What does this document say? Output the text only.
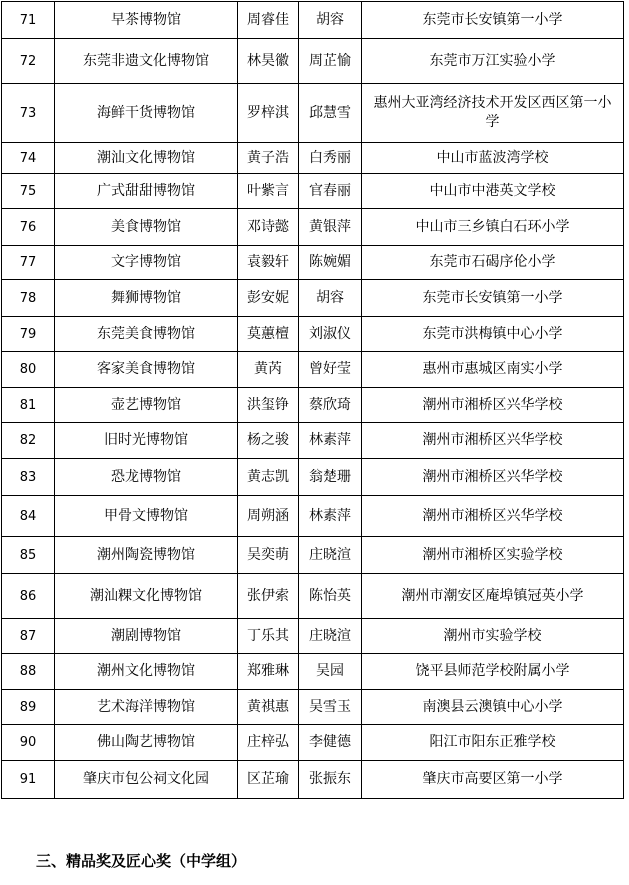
71	早茶博物馆	周睿佳	胡容	东莞市长安镇第一小学
72	东莞非遗文化博物馆	林昊徽	周芷愉	东莞市万江实验小学
73	海鲜干货博物馆	罗梓淇	邱慧雪	惠州大亚湾经济技术开发区西区第一小学
74	潮汕文化博物馆	黄子浩	白秀丽	中山市蓝波湾学校
75	广式甜甜博物馆	叶紫言	官春丽	中山市中港英文学校
76	美食博物馆	邓诗懿	黄银萍	中山市三乡镇白石环小学
77	文字博物馆	袁毅轩	陈婉媚	东莞市石碣序伦小学
78	舞狮博物馆	彭安妮	胡容	东莞市长安镇第一小学
79	东莞美食博物馆	莫蕙檀	刘淑仪	东莞市洪梅镇中心小学
80	客家美食博物馆	黄芮	曾好莹	惠州市惠城区南实小学
81	壶艺博物馆	洪玺铮	蔡欣琦	潮州市湘桥区兴华学校
82	旧时光博物馆	杨之骏	林素萍	潮州市湘桥区兴华学校
83	恐龙博物馆	黄志凯	翁楚珊	潮州市湘桥区兴华学校
84	甲骨文博物馆	周朔涵	林素萍	潮州市湘桥区兴华学校
85	潮州陶瓷博物馆	吴奕萌	庄晓渲	潮州市湘桥区实验学校
86	潮汕粿文化博物馆	张伊索	陈怡英	潮州市潮安区庵埠镇冠英小学
87	潮剧博物馆	丁乐其	庄晓渲	潮州市实验学校
88	潮州文化博物馆	郑雅琳	吴园	饶平县师范学校附属小学
89	艺术海洋博物馆	黄祺惠	吴雪玉	南澳县云澳镇中心小学
90	佛山陶艺博物馆	庄梓弘	李健德	阳江市阳东正雅学校
91	肇庆市包公祠文化园	区芷瑜	张振东	肇庆市高要区第一小学
三、精品奖及匠心奖（中学组）
